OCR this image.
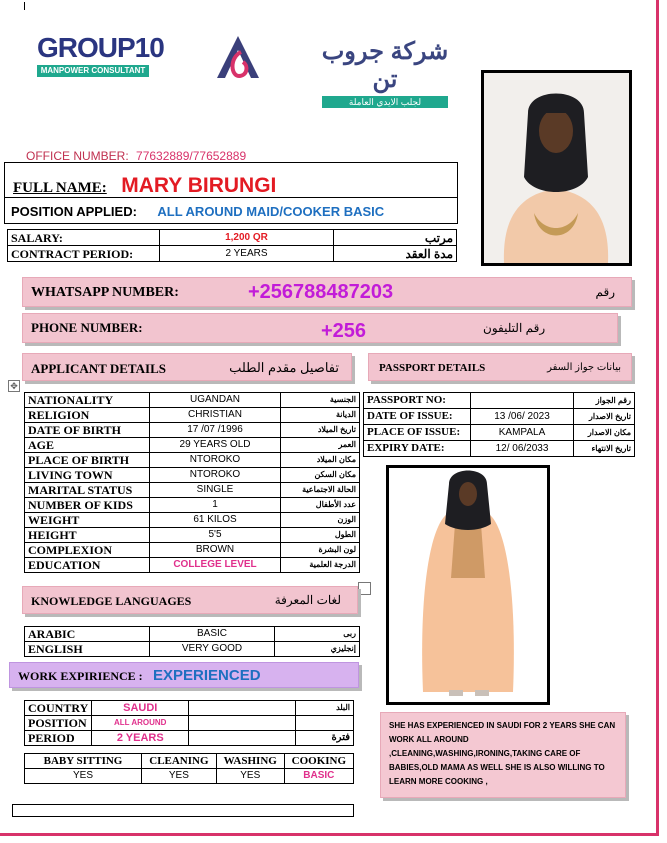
GROUP10
MANPOWER CONSULTANT
شركة جروب تن
لجلب الايدي العاملة
OFFICE NUMBER: 77632889/77652889
FULL NAME: MARY BIRUNGI
POSITION APPLIED: ALL AROUND MAID/COOKER BASIC
SALARY:	1,200 QR	مرتب
CONTRACT PERIOD:	2 YEARS	مدة العقد
WHATSAPP NUMBER:	+256788487203	رقم
PHONE NUMBER:	+256	رقم التليفون
APPLICANT DETAILS	تفاصيل مقدم الطلب
✥
PASSPORT DETAILS	بيانات جواز السفر
NATIONALITY	UGANDAN	الجنسية
RELIGION	CHRISTIAN	الديانة
DATE OF BIRTH	17 /07 /1996	تاريخ الميلاد
AGE	29 YEARS OLD	العمر
PLACE OF BIRTH	NTOROKO	مكان الميلاد
LIVING TOWN	NTOROKO	مكان السكن
MARITAL STATUS	SINGLE	الحالة الاجتماعية
NUMBER OF KIDS	1	عدد الأطفال
WEIGHT	61 KILOS	الوزن
HEIGHT	5'5	الطول
COMPLEXION	BROWN	لون البشرة
EDUCATION	COLLEGE LEVEL	الدرجة العلمية
PASSPORT NO:		رقم الجواز
DATE OF ISSUE:	13 /06/ 2023	تاريخ الاصدار
PLACE OF ISSUE:	KAMPALA	مكان الاصدار
EXPIRY DATE:	12/ 06/2033	تاريخ الانتهاء
KNOWLEDGE LANGUAGES	لغات المعرفة
ARABIC	BASIC	ربى
ENGLISH	VERY GOOD	إنجليزي
WORK EXPIRIENCE : EXPERIENCED
COUNTRY	SAUDI		البلد
POSITION	ALL AROUND		
PERIOD	2 YEARS		فترة
BABY SITTING	CLEANING	WASHING	COOKING
YES	YES	YES	BASIC
SHE HAS EXPERIENCED IN SAUDI FOR 2 YEARS SHE CAN WORK ALL AROUND ,CLEANING,WASHING,IRONING,TAKING CARE OF BABIES,OLD MAMA AS WELL SHE IS ALSO WILLING TO LEARN MORE COOKING ,
